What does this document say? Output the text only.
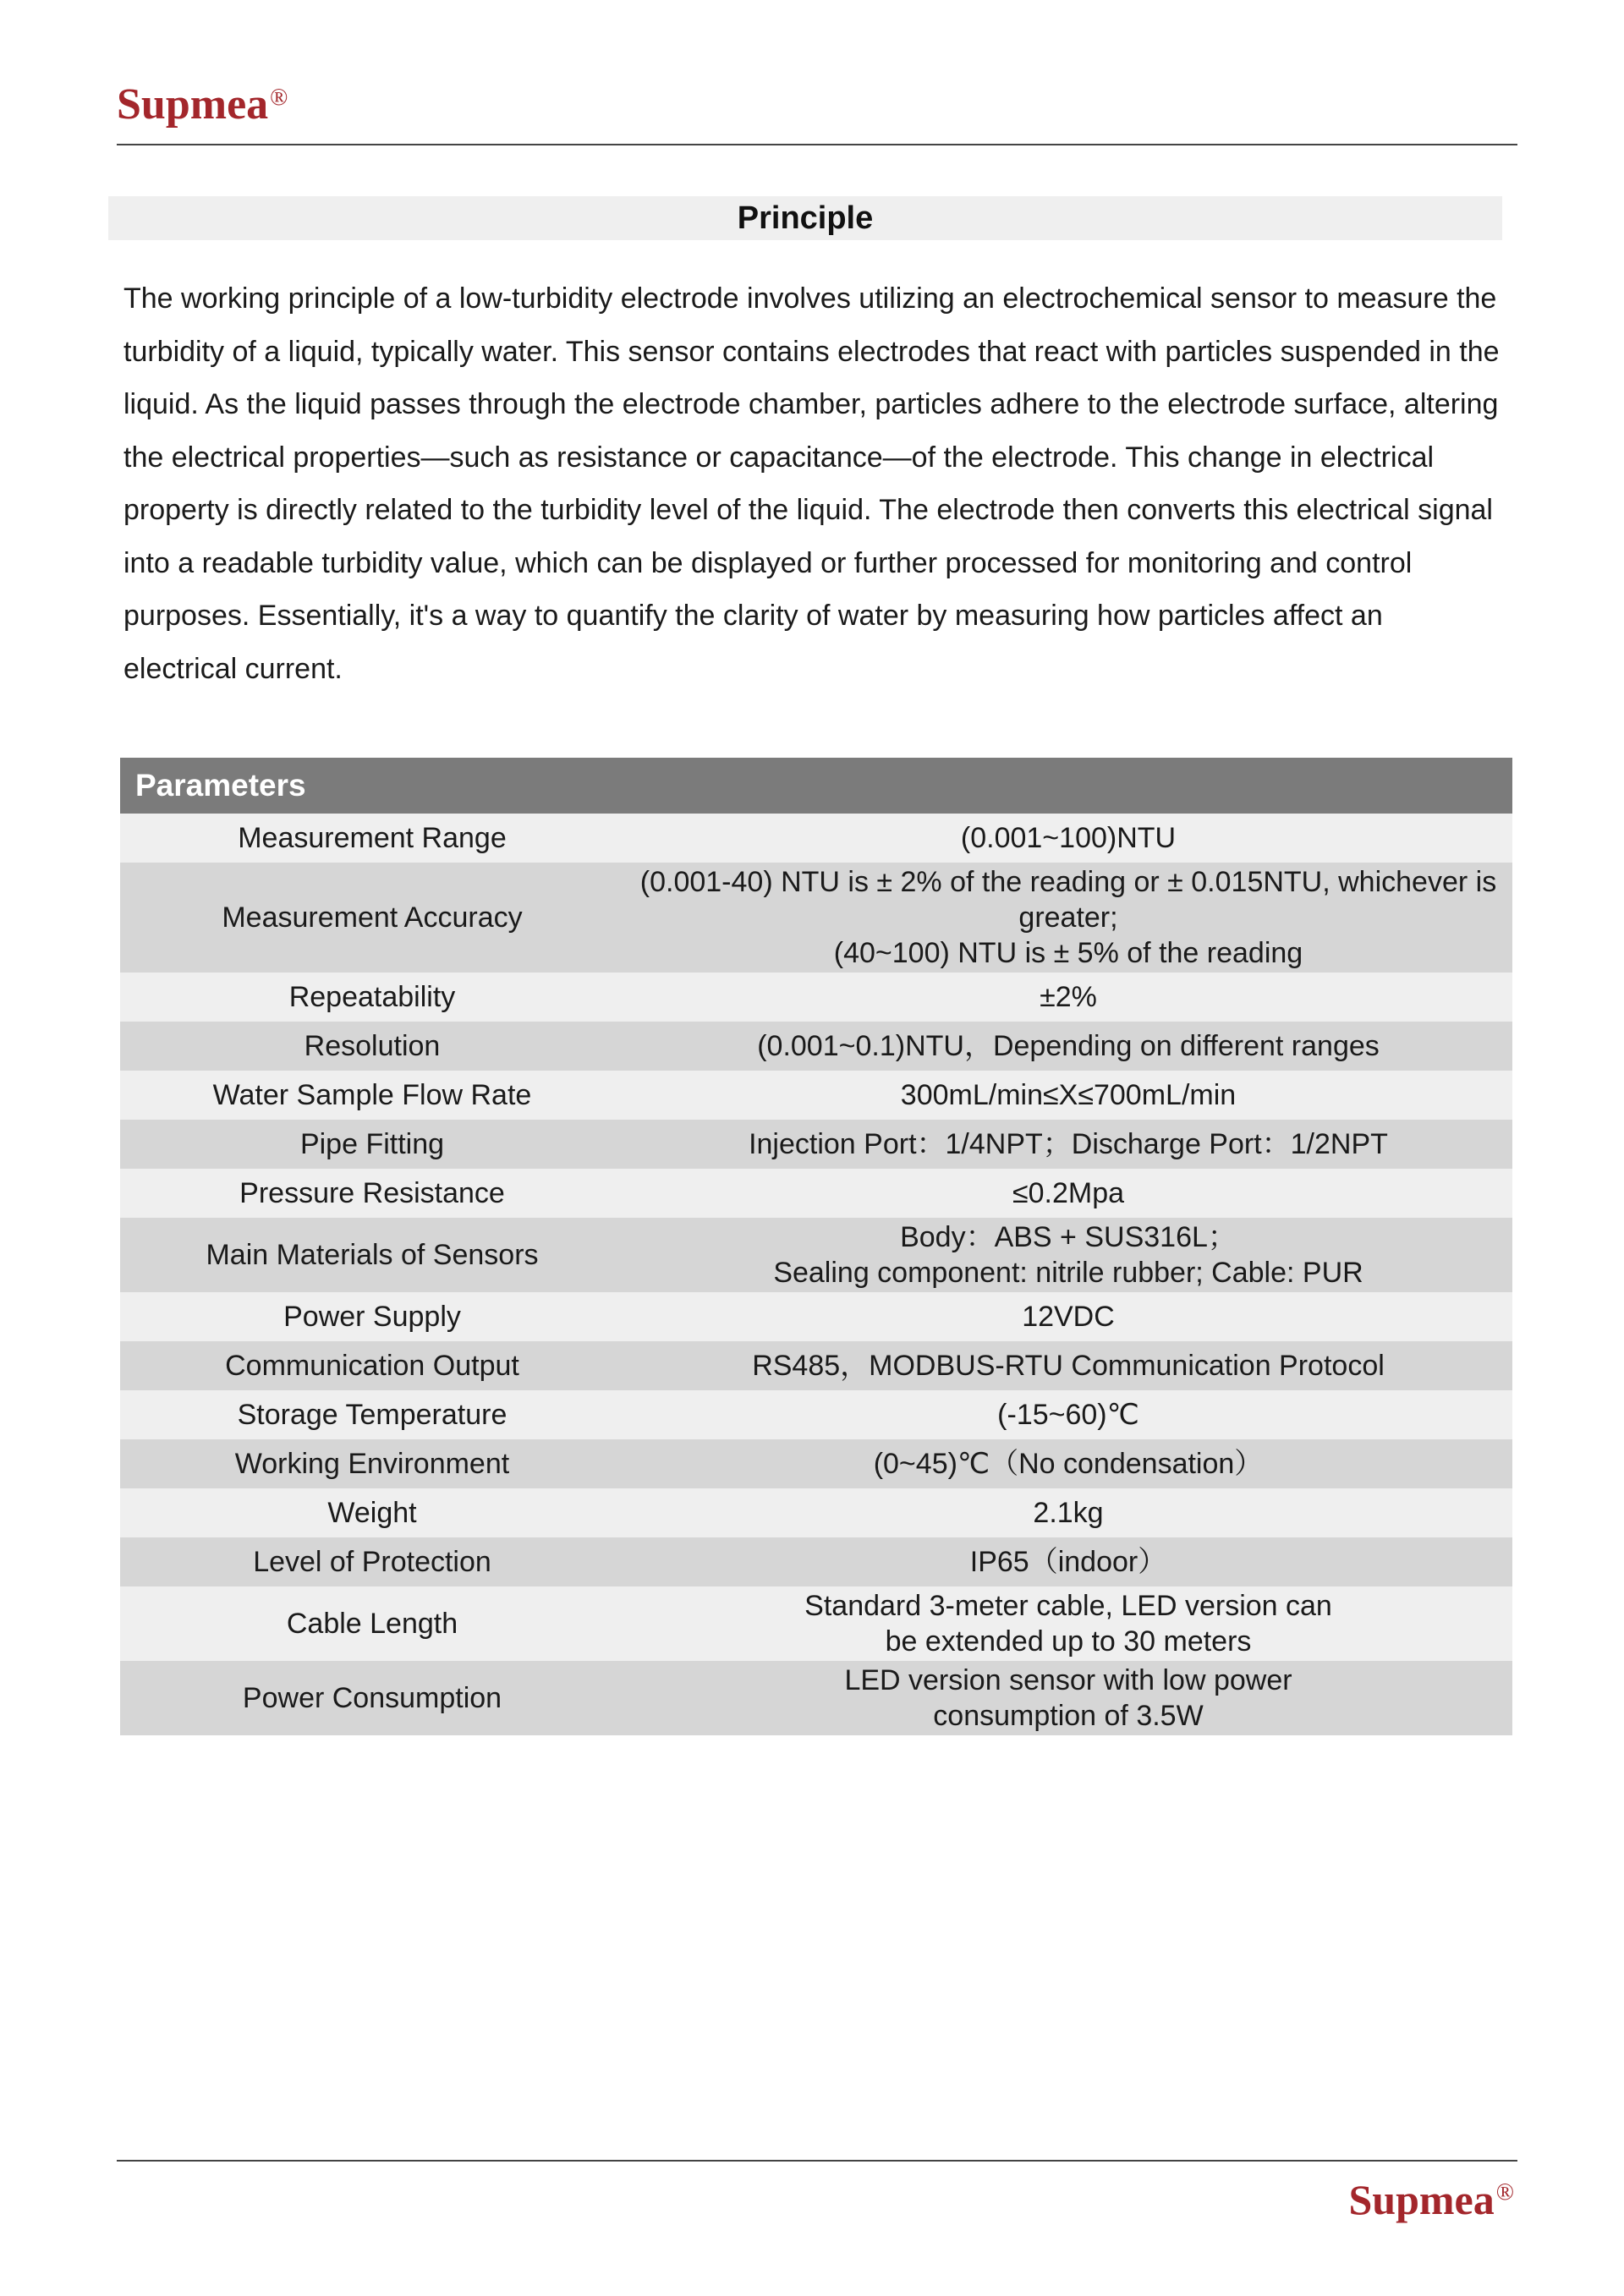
Supmea®
Principle

The working principle of a low-turbidity electrode involves utilizing an electrochemical sensor to measure the turbidity of a liquid, typically water. This sensor contains electrodes that react with particles suspended in the liquid. As the liquid passes through the electrode chamber, particles adhere to the electrode surface, altering the electrical properties—such as resistance or capacitance—of the electrode. This change in electrical property is directly related to the turbidity level of the liquid. The electrode then converts this electrical signal into a readable turbidity value, which can be displayed or further processed for monitoring and control purposes. Essentially, it's a way to quantify the clarity of water by measuring how particles affect an electrical current.

Parameters	
Measurement Range	(0.001~100)NTU

Measurement Accuracy	(0.001-40) NTU is ± 2% of the reading or ± 0.015NTU, whichever is greater;
(40~100) NTU is ± 5% of the reading

Repeatability	±2%

Resolution	(0.001~0.1)NTU，Depending on different ranges

Water Sample Flow Rate	300mL/min≤X≤700mL/min

Pipe Fitting	Injection Port：1/4NPT；Discharge Port：1/2NPT

Pressure Resistance	≤0.2Mpa

Main Materials of Sensors	Body：ABS + SUS316L；
Sealing component: nitrile rubber; Cable: PUR

Power Supply	12VDC

Communication Output	RS485，MODBUS-RTU Communication Protocol

Storage Temperature	(-15~60)℃

Working Environment	(0~45)℃（No condensation）

Weight	2.1kg

Level of Protection	IP65（indoor）

Cable Length	Standard 3-meter cable, LED version can be extended up to 30 meters

Power Consumption	LED version sensor with low power consumption of 3.5W
Supmea®
